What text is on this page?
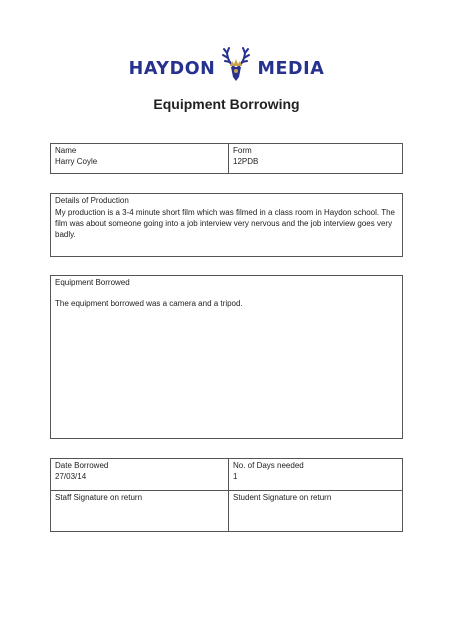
HAYDON MEDIA
Equipment Borrowing
Name
Harry Coyle
Form
12PDB
Details of Production
My production is a 3-4 minute short film which was filmed in a class room in Haydon school. The film was about someone going into a job interview very nervous and the job interview goes very badly.
Equipment Borrowed
The equipment borrowed was a camera and a tripod.
Date Borrowed
27/03/14
No. of Days needed
1
Staff Signature on return	Student Signature on return
